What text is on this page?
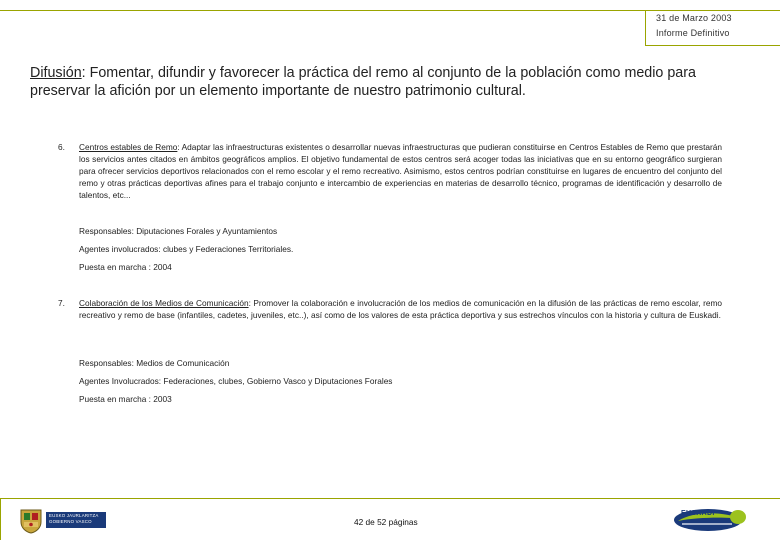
31 de Marzo 2003
Informe Definitivo
Difusión: Fomentar, difundir y favorecer la práctica del remo al conjunto de la población como medio para preservar la afición por un elemento importante de nuestro patrimonio cultural.
6. Centros estables de Remo: Adaptar las infraestructuras existentes o desarrollar nuevas infraestructuras que pudieran constituirse en Centros Estables de Remo que prestarán los servicios antes citados en ámbitos geográficos amplios. El objetivo fundamental de estos centros será acoger todas las iniciativas que en su entorno geográfico surgieran para ofrecer servicios deportivos relacionados con el remo escolar y el remo recreativo. Asimismo, estos centros podrían constituirse en lugares de encuentro del conjunto del remo y otras prácticas deportivas afines para el trabajo conjunto e intercambio de experiencias en materias de desarrollo técnico, programas de identificación y desarrollo de talentos, etc...
Responsables: Diputaciones Forales y Ayuntamientos
Agentes involucrados: clubes y Federaciones Territoriales.
Puesta en marcha : 2004
7. Colaboración de los Medios de Comunicación: Promover la colaboración e involucración de los medios de comunicación en la difusión de las prácticas de remo escolar, remo recreativo y remo de base (infantiles, cadetes, juveniles, etc..), así como de los valores de esta práctica deportiva y sus estrechos vínculos con la historia y cultura de Euskadi.
Responsables: Medios de Comunicación
Agentes Involucrados: Federaciones, clubes, Gobierno Vasco y Diputaciones Forales
Puesta en marcha : 2003
EUSKO JAURLARITZA
GOBIERNO VASCO	42 de 52 páginas
EUSKADI
